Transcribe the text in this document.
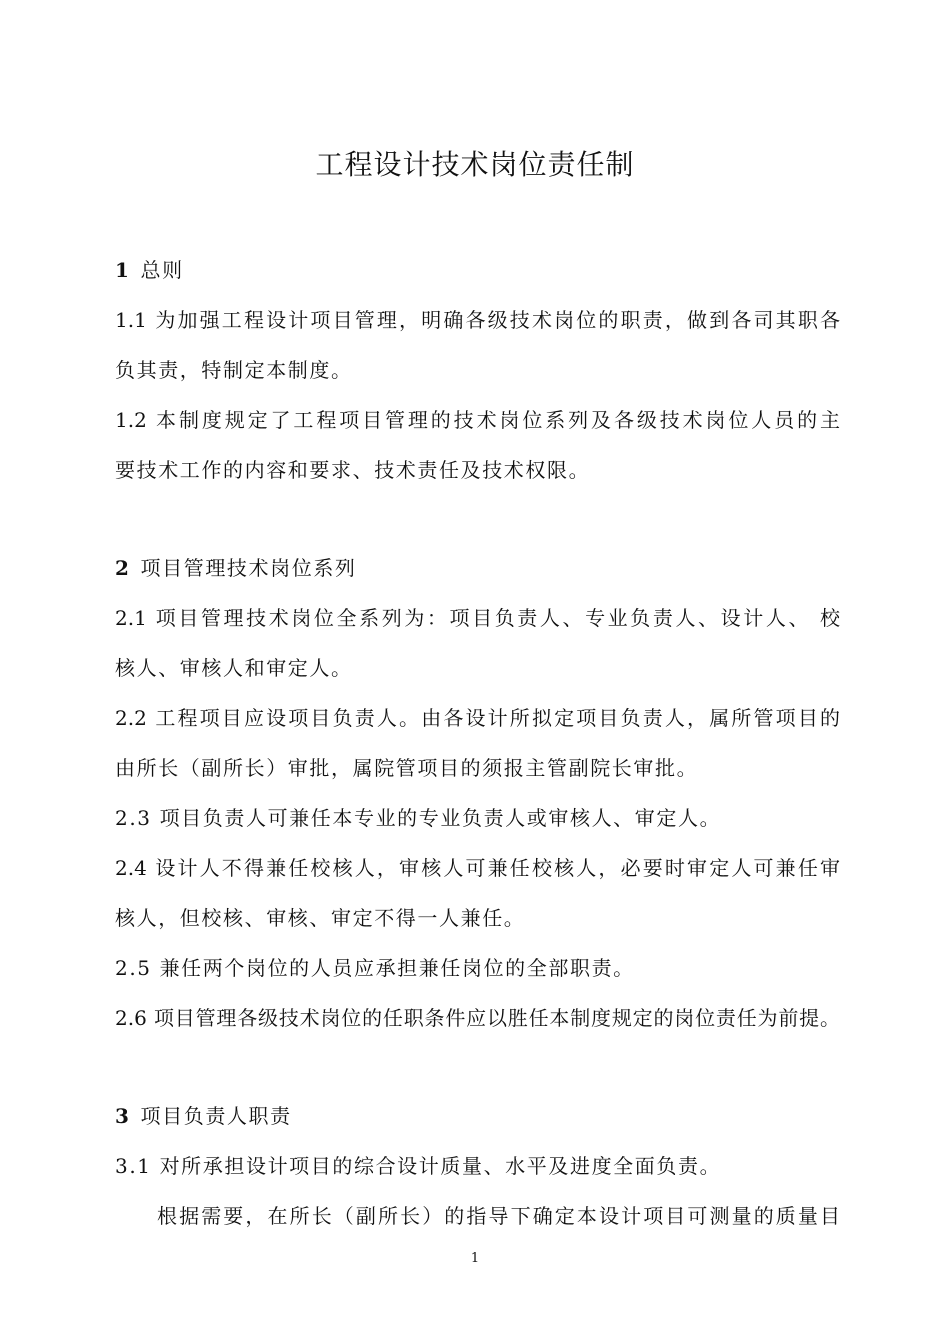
工程设计技术岗位责任制
1 总则
1.1 为加强工程设计项目管理，明确各级技术岗位的职责，做到各司其职各
负其责，特制定本制度。
1.2 本制度规定了工程项目管理的技术岗位系列及各级技术岗位人员的主
要技术工作的内容和要求、技术责任及技术权限。
2 项目管理技术岗位系列
2.1 项目管理技术岗位全系列为：项目负责人、专业负责人、设计人、 校
核人、审核人和审定人。
2.2 工程项目应设项目负责人。由各设计所拟定项目负责人，属所管项目的
由所长（副所长）审批，属院管项目的须报主管副院长审批。
2.3 项目负责人可兼任本专业的专业负责人或审核人、审定人。
2.4 设计人不得兼任校核人，审核人可兼任校核人，必要时审定人可兼任审
核人，但校核、审核、审定不得一人兼任。
2.5 兼任两个岗位的人员应承担兼任岗位的全部职责。
2.6 项目管理各级技术岗位的任职条件应以胜任本制度规定的岗位责任为前提。
3 项目负责人职责
3.1 对所承担设计项目的综合设计质量、水平及进度全面负责。
根据需要，在所长（副所长）的指导下确定本设计项目可测量的质量目
1
